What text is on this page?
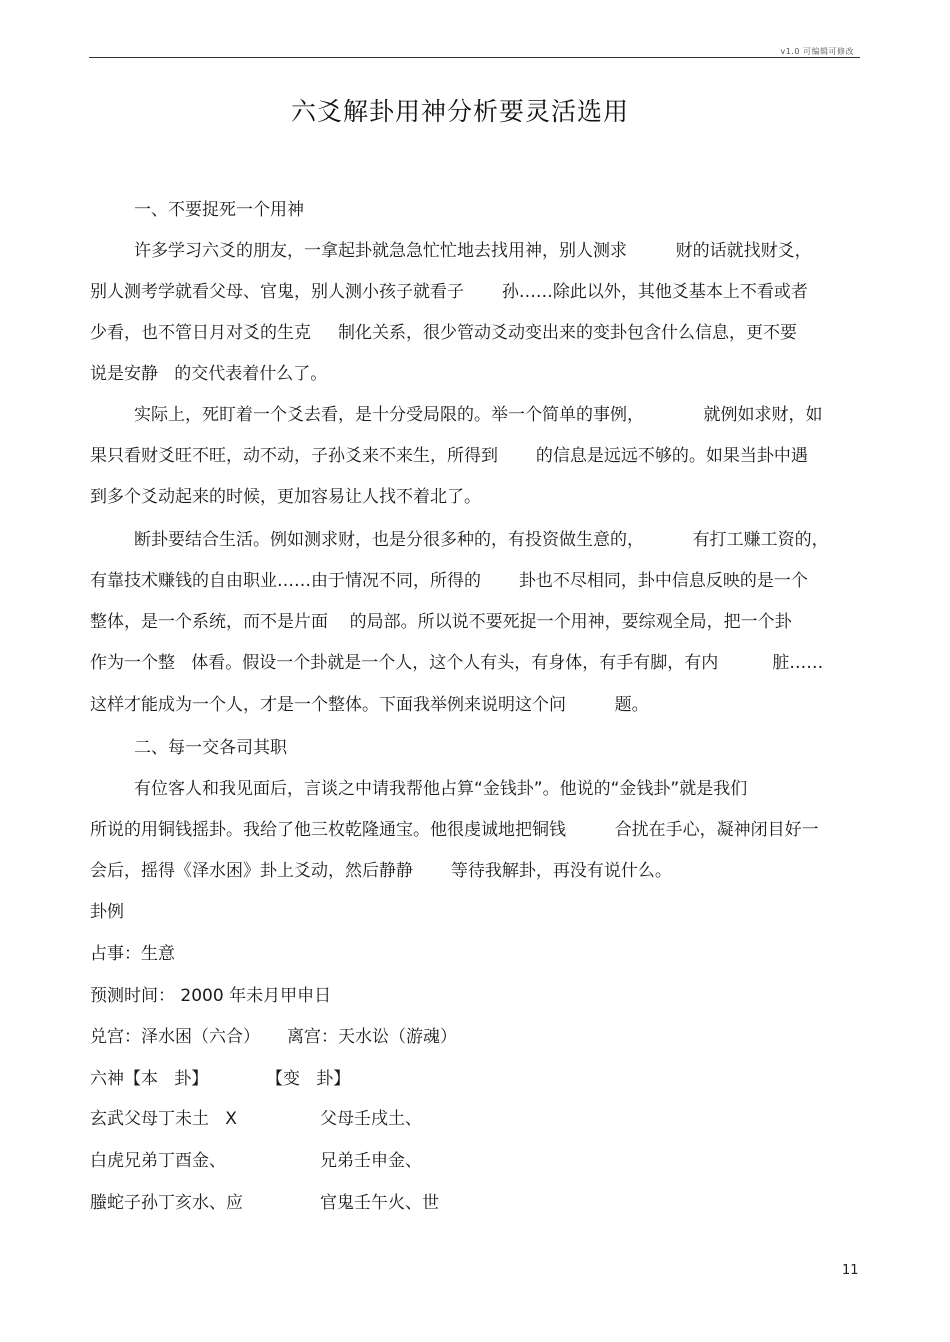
v1.0 可编辑可修改
六爻解卦用神分析要灵活选用
一、不要捉死一个用神
许多学习六爻的朋友，一拿起卦就急急忙忙地去找用神，别人测求         财的话就找财爻，
别人测考学就看父母、官鬼，别人测小孩子就看子       孙……除此以外，其他爻基本上不看或者
少看，也不管日月对爻的生克     制化关系，很少管动爻动变出来的变卦包含什么信息，更不要
说是安静   的交代表着什么了。
实际上，死盯着一个爻去看，是十分受局限的。举一个简单的事例，           就例如求财，如
果只看财爻旺不旺，动不动，子孙爻来不来生，所得到       的信息是远远不够的。如果当卦中遇
到多个爻动起来的时候，更加容易让人找不着北了。
断卦要结合生活。例如测求财，也是分很多种的，有投资做生意的，         有打工赚工资的，
有靠技术赚钱的自由职业……由于情况不同，所得的       卦也不尽相同，卦中信息反映的是一个
整体，是一个系统，而不是片面    的局部。所以说不要死捉一个用神，要综观全局，把一个卦
作为一个整   体看。假设一个卦就是一个人，这个人有头，有身体，有手有脚，有内          脏……
这样才能成为一个人，才是一个整体。下面我举例来说明这个问         题。
二、每一交各司其职
有位客人和我见面后，言谈之中请我帮他占算“金钱卦”。他说的“金钱卦”就是我们
所说的用铜钱摇卦。我给了他三枚乾隆通宝。他很虔诚地把铜钱         合扰在手心，凝神闭目好一
会后，摇得《泽水困》卦上爻动，然后静静       等待我解卦，再没有说什么。
卦例
占事：生意
预测时间： 2000 年未月甲申日
兑宫：泽水困（六合）     离宫：天水讼（游魂）
六神【本   卦】	【变   卦】
玄武父母丁未土   X	父母壬戌土、
白虎兄弟丁酉金、	兄弟壬申金、
螣蛇子孙丁亥水、应	官鬼壬午火、世
11
